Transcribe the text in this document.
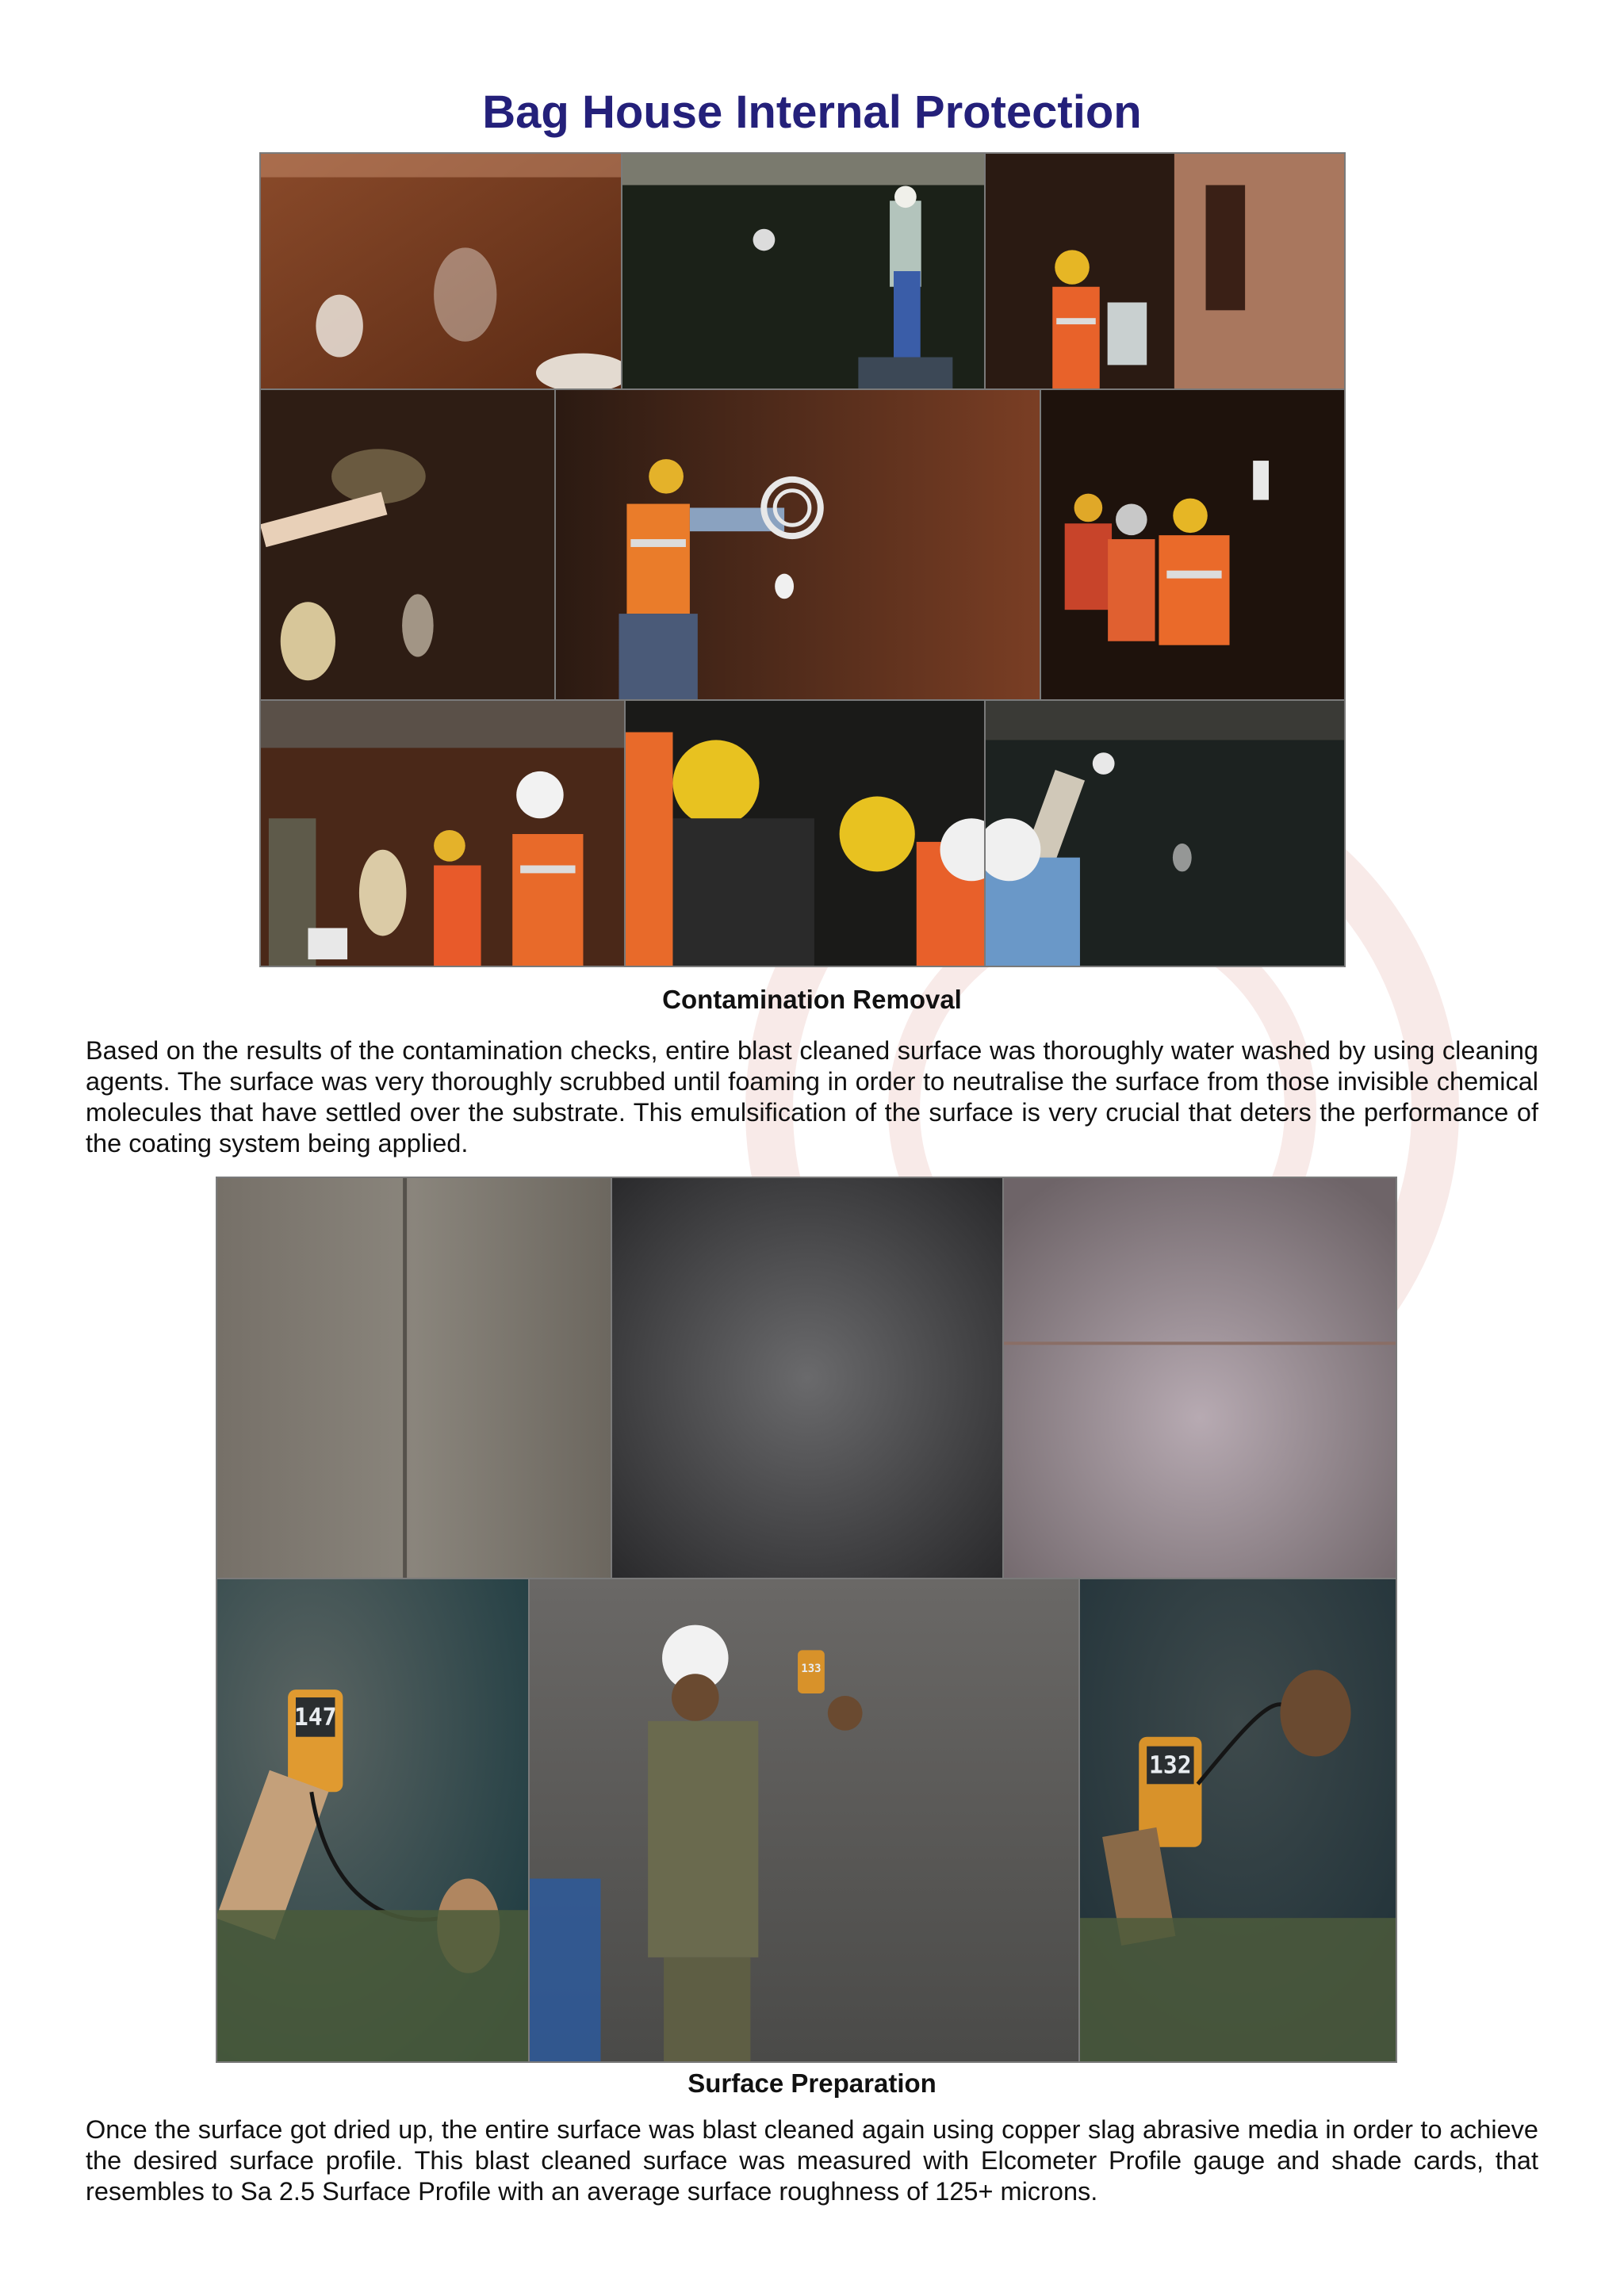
Bag House Internal Protection
Contamination Removal
Based on the results of the contamination checks, entire blast cleaned surface was thoroughly water washed by using cleaning agents. The surface was very thoroughly scrubbed until foaming in order to neutralise the surface from those invisible chemical molecules that have settled over the substrate. This emulsification of the surface is very crucial that deters the performance of the coating system being applied.
147
133
132
Surface Preparation
Once the surface got dried up, the entire surface was blast cleaned again using copper slag abrasive media in order to achieve the desired surface profile. This blast cleaned surface was measured with Elcometer Profile gauge and shade cards, that resembles to Sa 2.5 Surface Profile with an average surface roughness of 125+ microns.
